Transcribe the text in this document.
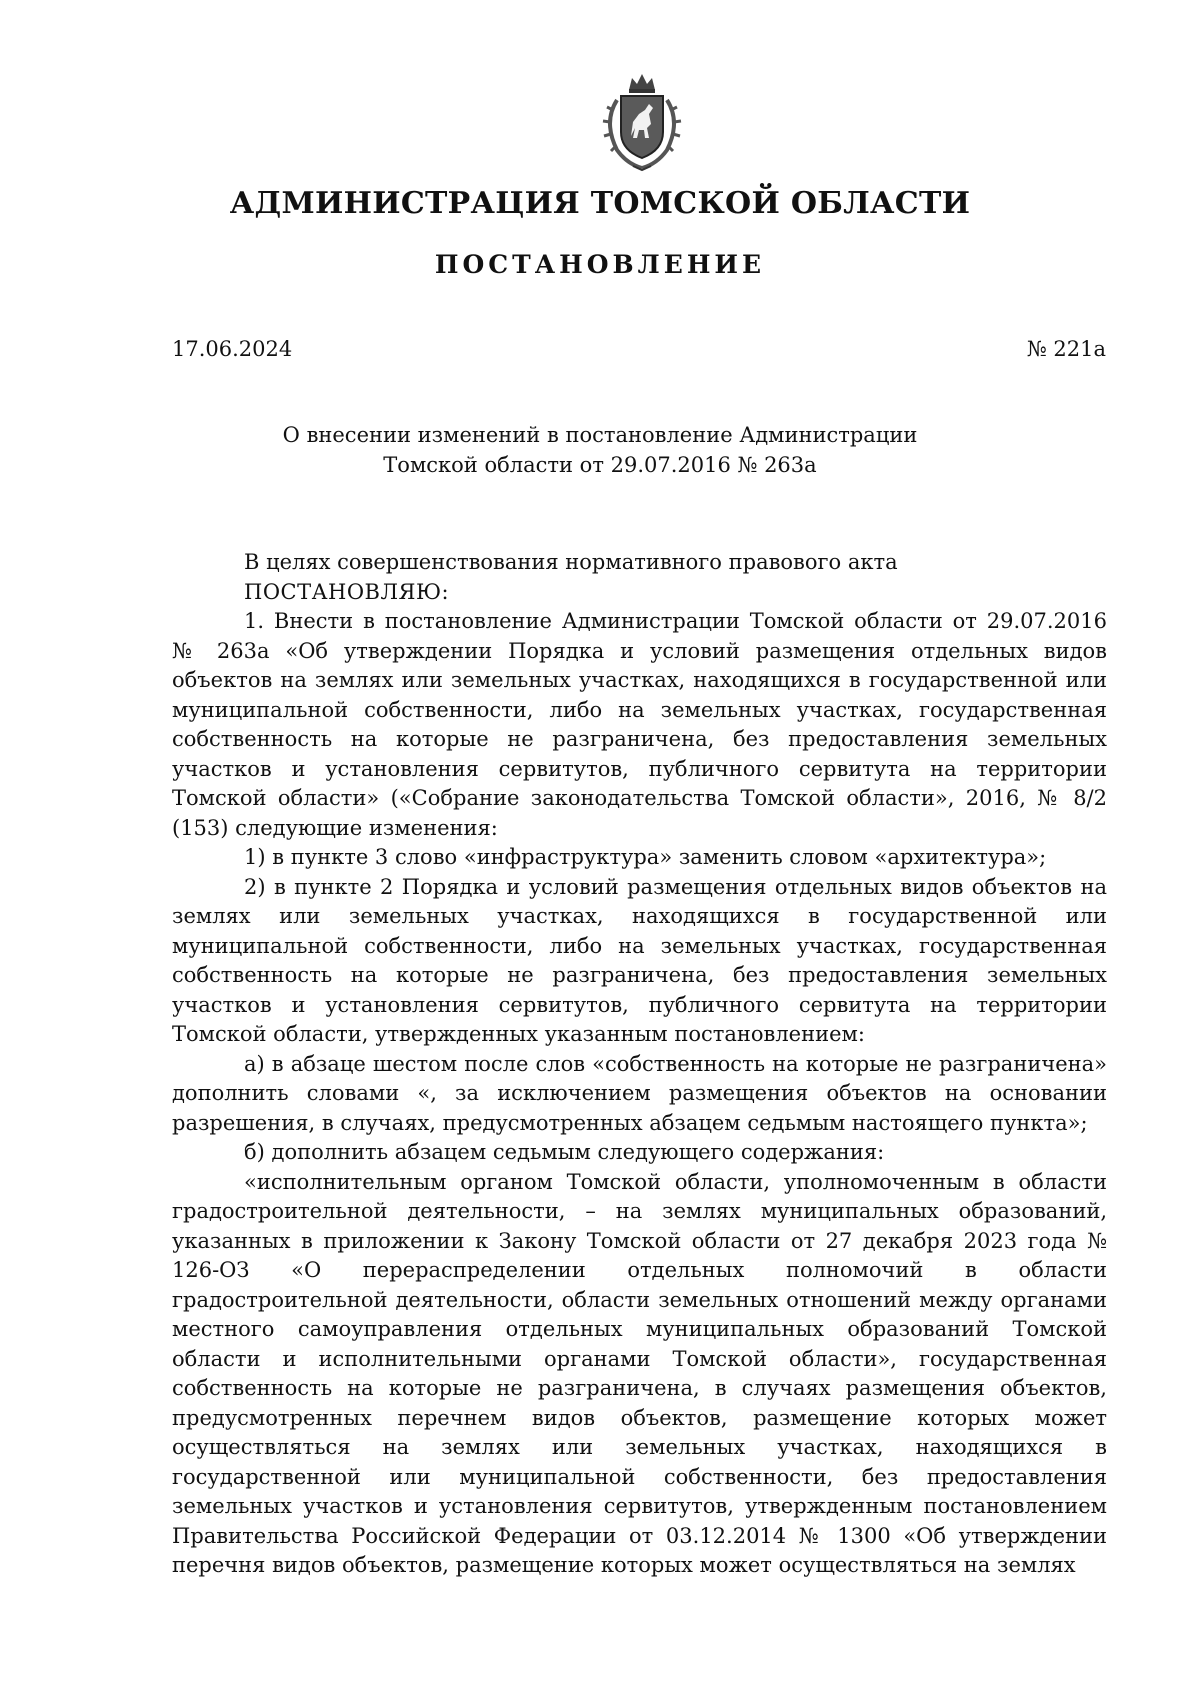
АДМИНИСТРАЦИЯ ТОМСКОЙ ОБЛАСТИ
ПОСТАНОВЛЕНИЕ
17.06.2024	№ 221а
О внесении изменений в постановление Администрации
Томской области от 29.07.2016 № 263а

В целях совершенствования нормативного правового акта

ПОСТАНОВЛЯЮ:

1. Внести в постановление Администрации Томской области от 29.07.2016 № 263а «Об утверждении Порядка и условий размещения отдельных видов объектов на землях или земельных участках, находящихся в государственной или муниципальной собственности, либо на земельных участках, государственная собственность на которые не разграничена, без предоставления земельных участков и установления сервитутов, публичного сервитута на территории Томской области» («Собрание законодательства Томской области», 2016, № 8/2 (153) следующие изменения:

1) в пункте 3 слово «инфраструктура» заменить словом «архитектура»;

2) в пункте 2 Порядка и условий размещения отдельных видов объектов на землях или земельных участках, находящихся в государственной или муниципальной собственности, либо на земельных участках, государственная собственность на которые не разграничена, без предоставления земельных участков и установления сервитутов, публичного сервитута на территории Томской области, утвержденных указанным постановлением:

а) в абзаце шестом после слов «собственность на которые не разграничена» дополнить словами «, за исключением размещения объектов на основании разрешения, в случаях, предусмотренных абзацем седьмым настоящего пункта»;

б) дополнить абзацем седьмым следующего содержания:

«исполнительным органом Томской области, уполномоченным в области градостроительной деятельности, – на землях муниципальных образований, указанных в приложении к Закону Томской области от 27 декабря 2023 года № 126-ОЗ «О перераспределении отдельных полномочий в области градостроительной деятельности, области земельных отношений между органами местного самоуправления отдельных муниципальных образований Томской области и исполнительными органами Томской области», государственная собственность на которые не разграничена, в случаях размещения объектов, предусмотренных перечнем видов объектов, размещение которых может осуществляться на землях или земельных участках, находящихся в государственной или муниципальной собственности, без предоставления земельных участков и установления сервитутов, утвержденным постановлением Правительства Российской Федерации от 03.12.2014 № 1300 «Об утверждении перечня видов объектов, размещение которых может осуществляться на землях
